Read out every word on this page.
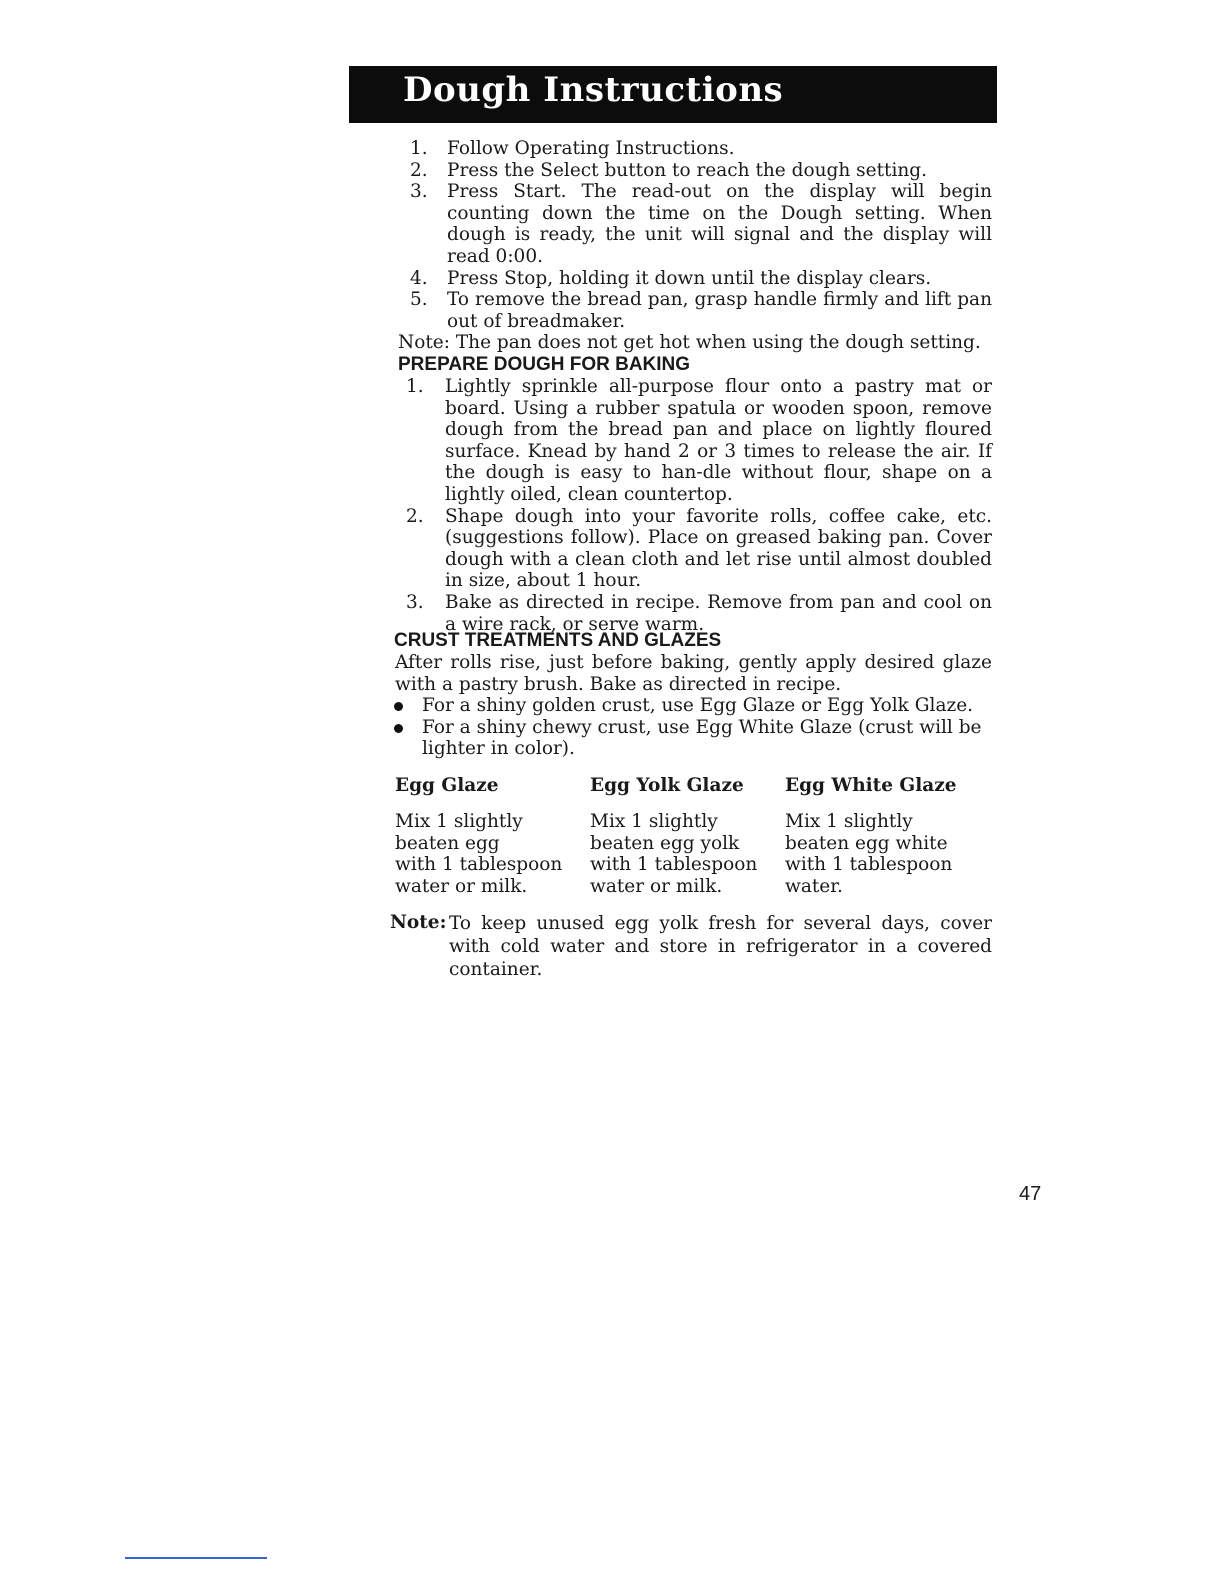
Dough Instructions
1. Follow Operating Instructions.
2. Press the Select button to reach the dough setting.
3. Press Start. The read-out on the display will begin counting down the time on the Dough setting. When dough is ready, the unit will signal and the display will read 0:00.
4. Press Stop, holding it down until the display clears.
5. To remove the bread pan, grasp handle firmly and lift pan out of breadmaker.
Note: The pan does not get hot when using the dough setting.
PREPARE DOUGH FOR BAKING
1. Lightly sprinkle all-purpose flour onto a pastry mat or board. Using a rubber spatula or wooden spoon, remove dough from the bread pan and place on lightly floured surface. Knead by hand 2 or 3 times to release the air. If the dough is easy to han-dle without flour, shape on a lightly oiled, clean countertop.
2. Shape dough into your favorite rolls, coffee cake, etc. (suggestions follow). Place on greased baking pan. Cover dough with a clean cloth and let rise until almost doubled in size, about 1 hour.
3. Bake as directed in recipe. Remove from pan and cool on a wire rack, or serve warm.
CRUST TREATMENTS AND GLAZES
After rolls rise, just before baking, gently apply desired glaze with a pastry brush. Bake as directed in recipe.
For a shiny golden crust, use Egg Glaze or Egg Yolk Glaze.
For a shiny chewy crust, use Egg White Glaze (crust will be lighter in color).
Egg Glaze
Mix 1 slightly
beaten egg
with 1 tablespoon
water or milk.
Egg Yolk Glaze
Mix 1 slightly
beaten egg yolk
with 1 tablespoon
water or milk.
Egg White Glaze
Mix 1 slightly
beaten egg white
with 1 tablespoon
water.
Note: To keep unused egg yolk fresh for several days, cover with cold water and store in refrigerator in a covered container.
47
